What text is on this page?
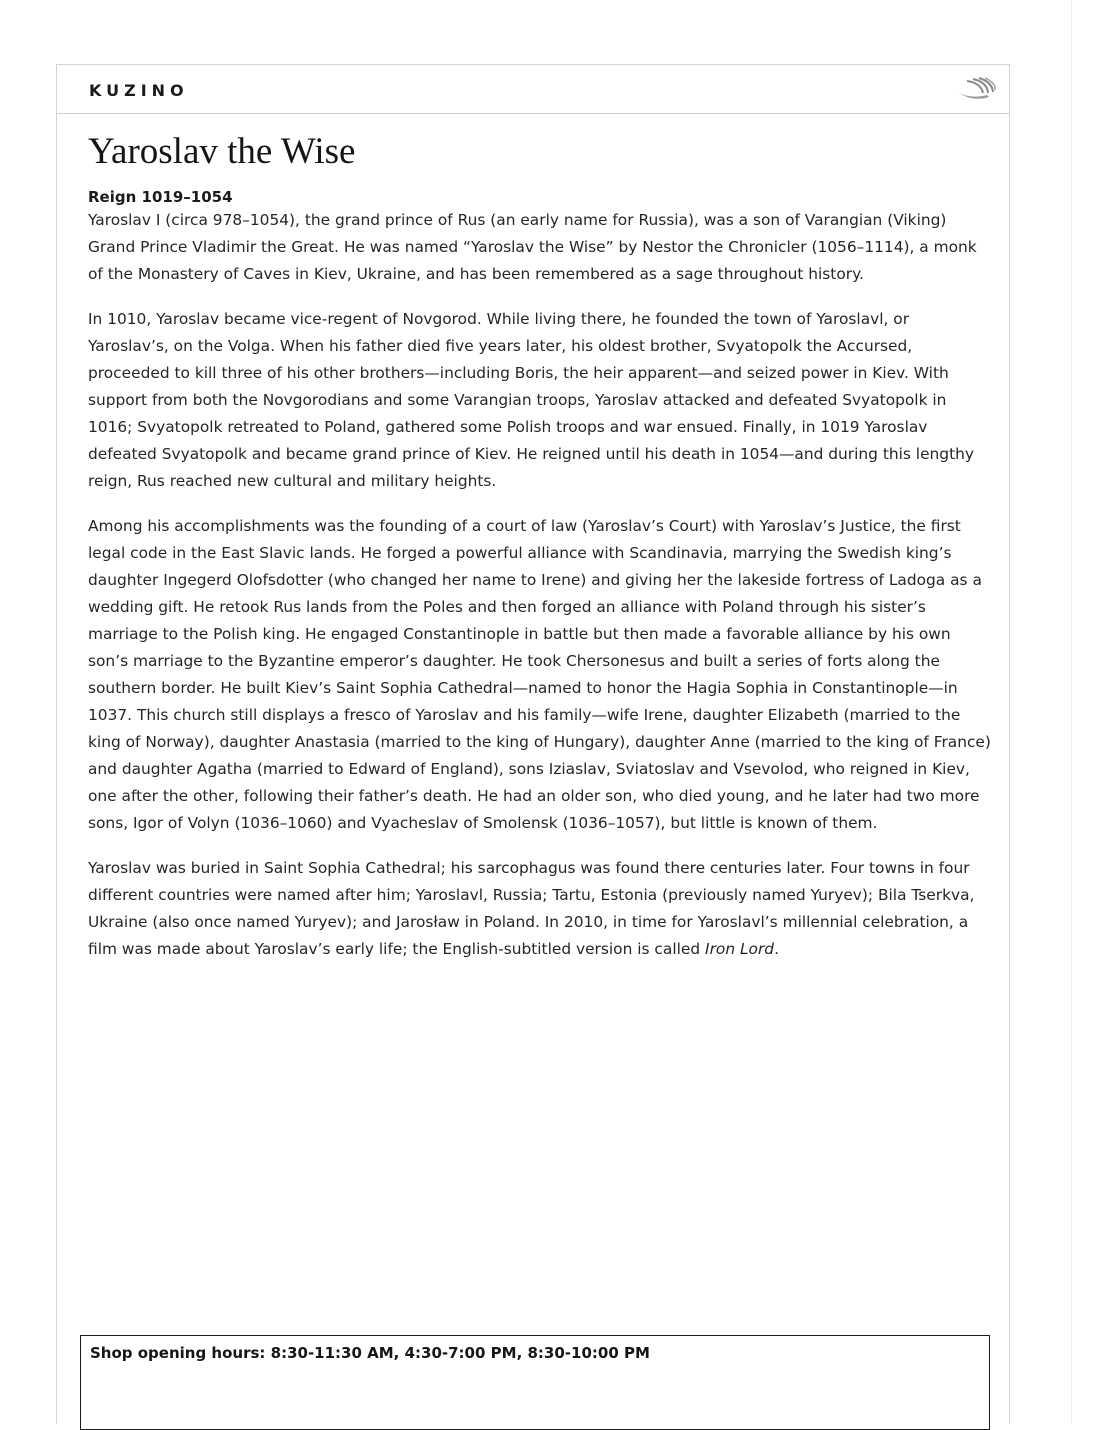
KUZINO
Yaroslav the Wise
Reign 1019–1054

Yaroslav I (circa 978–1054), the grand prince of Rus (an early name for Russia), was a son of Varangian (Viking) Grand Prince Vladimir the Great. He was named “Yaroslav the Wise” by Nestor the Chronicler (1056–1114), a monk of the Monastery of Caves in Kiev, Ukraine, and has been remembered as a sage throughout history.

In 1010, Yaroslav became vice-regent of Novgorod. While living there, he founded the town of Yaroslavl, or Yaroslav’s, on the Volga. When his father died five years later, his oldest brother, Svyatopolk the Accursed, proceeded to kill three of his other brothers—including Boris, the heir apparent—and seized power in Kiev. With support from both the Novgorodians and some Varangian troops, Yaroslav attacked and defeated Svyatopolk in 1016; Svyatopolk retreated to Poland, gathered some Polish troops and war ensued. Finally, in 1019 Yaroslav defeated Svyatopolk and became grand prince of Kiev. He reigned until his death in 1054—and during this lengthy reign, Rus reached new cultural and military heights.

Among his accomplishments was the founding of a court of law (Yaroslav’s Court) with Yaroslav’s Justice, the first legal code in the East Slavic lands. He forged a powerful alliance with Scandinavia, marrying the Swedish king’s daughter Ingegerd Olofsdotter (who changed her name to Irene) and giving her the lakeside fortress of Ladoga as a wedding gift. He retook Rus lands from the Poles and then forged an alliance with Poland through his sister’s marriage to the Polish king. He engaged Constantinople in battle but then made a favorable alliance by his own son’s marriage to the Byzantine emperor’s daughter. He took Chersonesus and built a series of forts along the southern border. He built Kiev’s Saint Sophia Cathedral—named to honor the Hagia Sophia in Constantinople—in 1037. This church still displays a fresco of Yaroslav and his family—wife Irene, daughter Elizabeth (married to the king of Norway), daughter Anastasia (married to the king of Hungary), daughter Anne (married to the king of France) and daughter Agatha (married to Edward of England), sons Iziaslav, Sviatoslav and Vsevolod, who reigned in Kiev, one after the other, following their father’s death. He had an older son, who died young, and he later had two more sons, Igor of Volyn (1036–1060) and Vyacheslav of Smolensk (1036–1057), but little is known of them.

Yaroslav was buried in Saint Sophia Cathedral; his sarcophagus was found there centuries later. Four towns in four different countries were named after him; Yaroslavl, Russia; Tartu, Estonia (previously named Yuryev); Bila Tserkva, Ukraine (also once named Yuryev); and Jarosław in Poland. In 2010, in time for Yaroslavl’s millennial celebration, a film was made about Yaroslav’s early life; the English-subtitled version is called Iron Lord.

Shop opening hours: 8:30-11:30 AM, 4:30-7:00 PM, 8:30-10:00 PM
